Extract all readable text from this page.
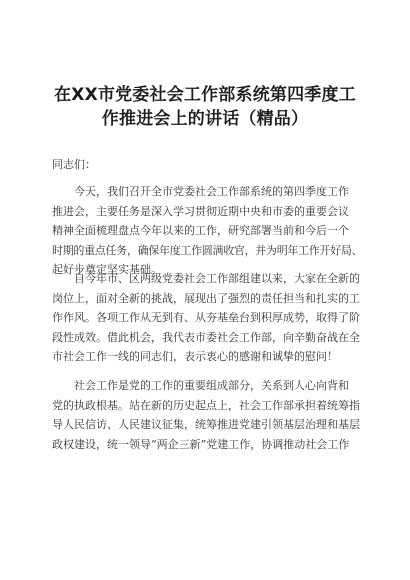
在XX市党委社会工作部系统第四季度工
作推进会上的讲话（精品）
同志们：
今天，我们召开全市党委社会工作部系统的第四季度工作
推进会，主要任务是深入学习贯彻近期中央和市委的重要会议
精神全面梳理盘点今年以来的工作，研究部署当前和今后一个
时期的重点任务，确保年度工作圆满收官，并为明年工作开好局、
起好步奠定坚实基础。
自今年市、区两级党委社会工作部组建以来，大家在全新的
岗位上，面对全新的挑战，展现出了强烈的责任担当和扎实的工
作作风。各项工作从无到有、从夯基垒台到积厚成势，取得了阶
段性成效。借此机会，我代表市委社会工作部，向辛勤奋战在全
市社会工作一线的同志们，表示衷心的感谢和诚挚的慰问！
社会工作是党的工作的重要组成部分，关系到人心向背和
党的执政根基。站在新的历史起点上，社会工作部承担着统筹指
导人民信访、人民建议征集，统筹推进党建引领基层治理和基层
政权建设，统一领导“两企三新”党建工作，协调推动社会工作
